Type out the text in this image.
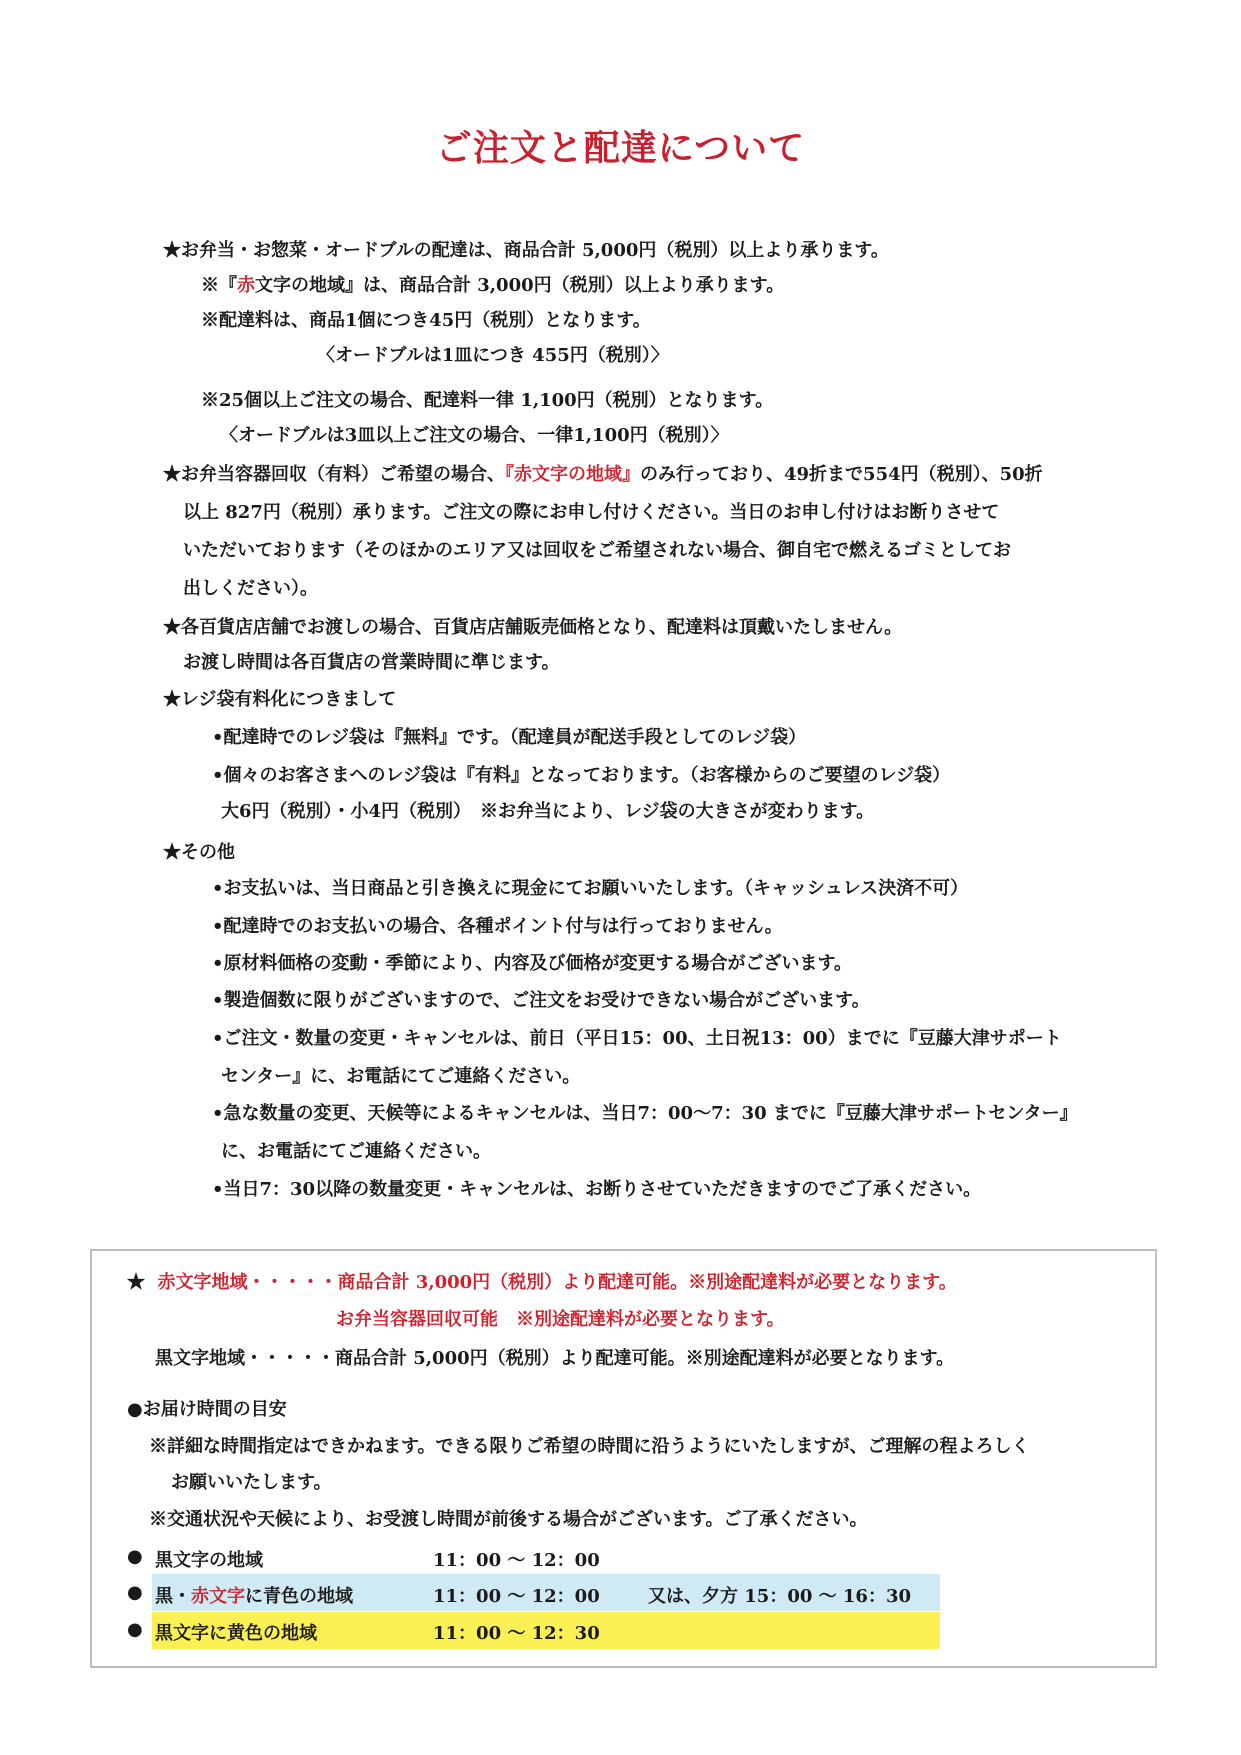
ご注文と配達について
★お弁当・お惣菜・オードブルの配達は、商品合計 5,000円（税別）以上より承ります。
※『赤文字の地域』は、商品合計 3,000円（税別）以上より承ります。
※配達料は、商品1個につき45円（税別）となります。
〈オードブルは1皿につき 455円（税別）〉
※25個以上ご注文の場合、配達料一律 1,100円（税別）となります。
〈オードブルは3皿以上ご注文の場合、一律1,100円（税別）〉
★お弁当容器回収（有料）ご希望の場合、『赤文字の地域』のみ行っており、49折まで554円（税別）、50折
以上 827円（税別）承ります。ご注文の際にお申し付けください。当日のお申し付けはお断りさせて
いただいております（そのほかのエリア又は回収をご希望されない場合、御自宅で燃えるゴミとしてお
出しください）。
★各百貨店店舗でお渡しの場合、百貨店店舗販売価格となり、配達料は頂戴いたしません。
お渡し時間は各百貨店の営業時間に準じます。
★レジ袋有料化につきまして
•配達時でのレジ袋は『無料』です。（配達員が配送手段としてのレジ袋）
•個々のお客さまへのレジ袋は『有料』となっております。（お客様からのご要望のレジ袋）
大6円（税別）・小4円（税別）　※お弁当により、レジ袋の大きさが変わります。
★その他
•お支払いは、当日商品と引き換えに現金にてお願いいたします。（キャッシュレス決済不可）
•配達時でのお支払いの場合、各種ポイント付与は行っておりません。
•原材料価格の変動・季節により、内容及び価格が変更する場合がございます。
•製造個数に限りがございますので、ご注文をお受けできない場合がございます。
•ご注文・数量の変更・キャンセルは、前日（平日15：00、土日祝13：00）までに『豆藤大津サポート
センター』に、お電話にてご連絡ください。
•急な数量の変更、天候等によるキャンセルは、当日7：00〜7：30 までに『豆藤大津サポートセンター』
に、お電話にてご連絡ください。
•当日7：30以降の数量変更・キャンセルは、お断りさせていただきますのでご了承ください。
★ 赤文字地域・・・・・商品合計 3,000円（税別）より配達可能。※別途配達料が必要となります。
お弁当容器回収可能　※別途配達料が必要となります。
黒文字地域・・・・・商品合計 5,000円（税別）より配達可能。※別途配達料が必要となります。
●お届け時間の目安
※詳細な時間指定はできかねます。できる限りご希望の時間に沿うようにいたしますが、ご理解の程よろしく
お願いいたします。
※交通状況や天候により、お受渡し時間が前後する場合がございます。ご了承ください。
● 黒文字の地域	11：00 〜 12：00
● 黒・赤文字に青色の地域	11：00 〜 12：00	又は、夕方 15：00 〜 16：30
● 黒文字に黄色の地域	11：00 〜 12：30
